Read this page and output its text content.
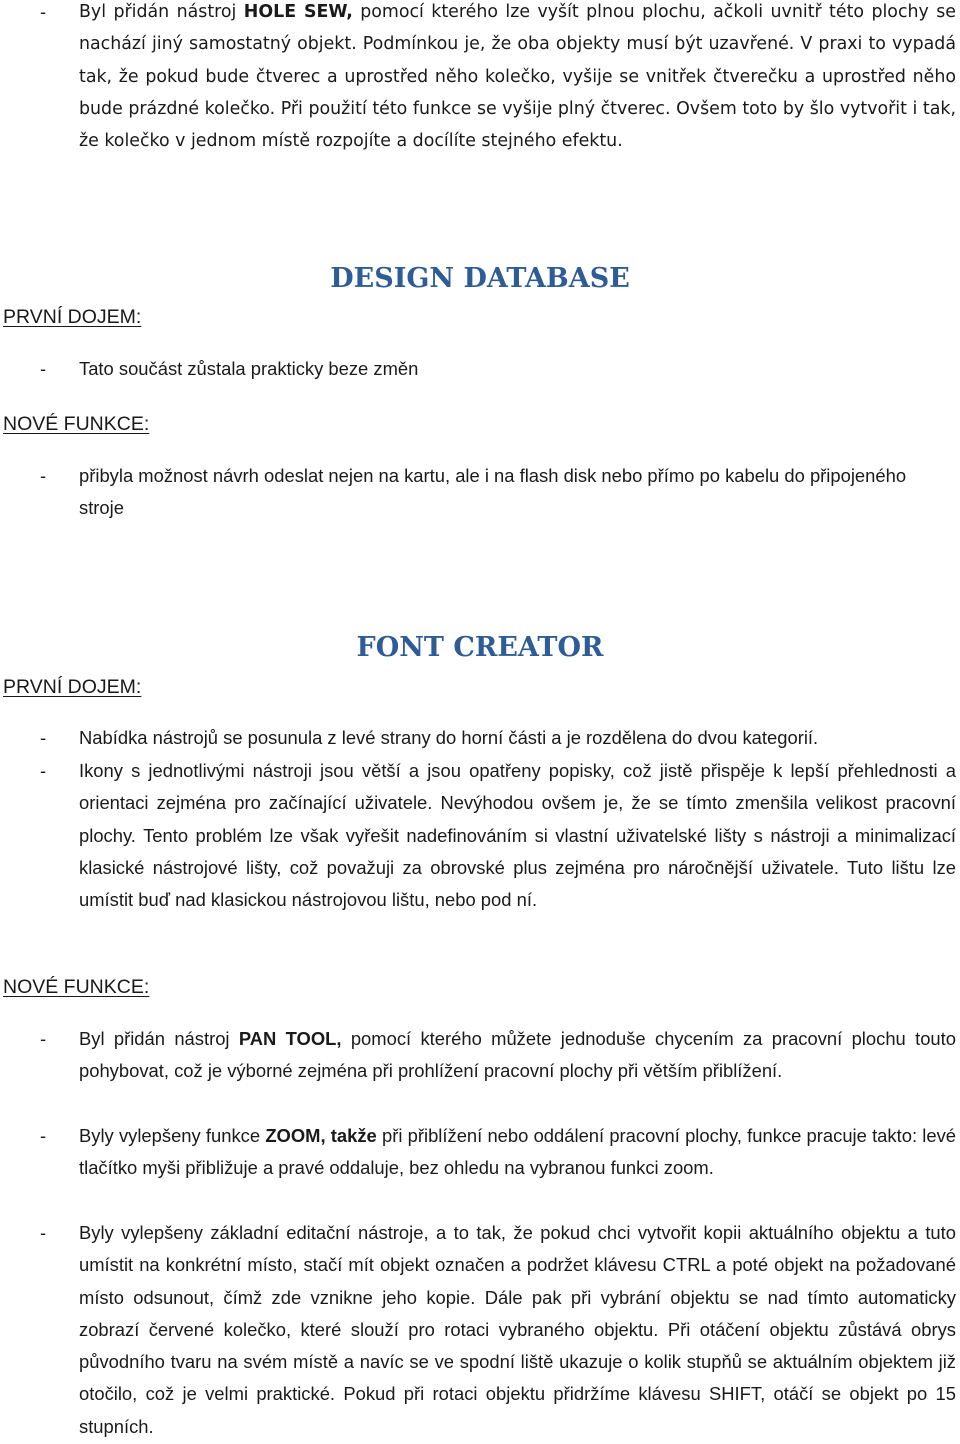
-	Byl přidán nástroj HOLE SEW, pomocí kterého lze vyšít plnou plochu, ačkoli uvnitř této plochy se nachází jiný samostatný objekt. Podmínkou je, že oba objekty musí být uzavřené. V praxi to vypadá tak, že pokud bude čtverec a uprostřed něho kolečko, vyšije se vnitřek čtverečku a uprostřed něho bude prázdné kolečko. Při použití této funkce se vyšije plný čtverec. Ovšem toto by šlo vytvořit i tak, že kolečko v jednom místě rozpojíte a docílíte stejného efektu.
DESIGN DATABASE
PRVNÍ DOJEM:
-	Tato součást zůstala prakticky beze změn
NOVÉ FUNKCE:
-	přibyla možnost návrh odeslat nejen na kartu, ale i na flash disk nebo přímo po kabelu do připojeného stroje
FONT CREATOR
PRVNÍ DOJEM:
-	Nabídka nástrojů se posunula z levé strany do horní části a je rozdělena do dvou kategorií.
-	Ikony s jednotlivými nástroji jsou větší a jsou opatřeny popisky, což jistě přispěje k lepší přehlednosti a orientaci zejména pro začínající uživatele. Nevýhodou ovšem je, že se tímto zmenšila velikost pracovní plochy. Tento problém lze však vyřešit nadefinováním si vlastní uživatelské lišty s nástroji a minimalizací klasické nástrojové lišty, což považuji za obrovské plus zejména pro náročnější uživatele. Tuto lištu lze umístit buď nad klasickou nástrojovou lištu, nebo pod ní.
NOVÉ FUNKCE:
-	Byl přidán nástroj PAN TOOL, pomocí kterého můžete jednoduše chycením za pracovní plochu touto pohybovat, což je výborné zejména při prohlížení pracovní plochy při větším přiblížení.
-	Byly vylepšeny funkce ZOOM, takže při přiblížení nebo oddálení pracovní plochy, funkce pracuje takto: levé tlačítko myši přibližuje a pravé oddaluje, bez ohledu na vybranou funkci zoom.
-	Byly vylepšeny základní editační nástroje, a to tak, že pokud chci vytvořit kopii aktuálního objektu a tuto umístit na konkrétní místo, stačí mít objekt označen a podržet klávesu CTRL a poté objekt na požadované místo odsunout, čímž zde vznikne jeho kopie. Dále pak při vybrání objektu se nad tímto automaticky zobrazí červené kolečko, které slouží pro rotaci vybraného objektu. Při otáčení objektu zůstává obrys původního tvaru na svém místě a navíc se ve spodní liště ukazuje o kolik stupňů se aktuálním objektem již otočilo, což je velmi praktické. Pokud při rotaci objektu přidržíme klávesu SHIFT, otáčí se objekt po 15 stupních.
